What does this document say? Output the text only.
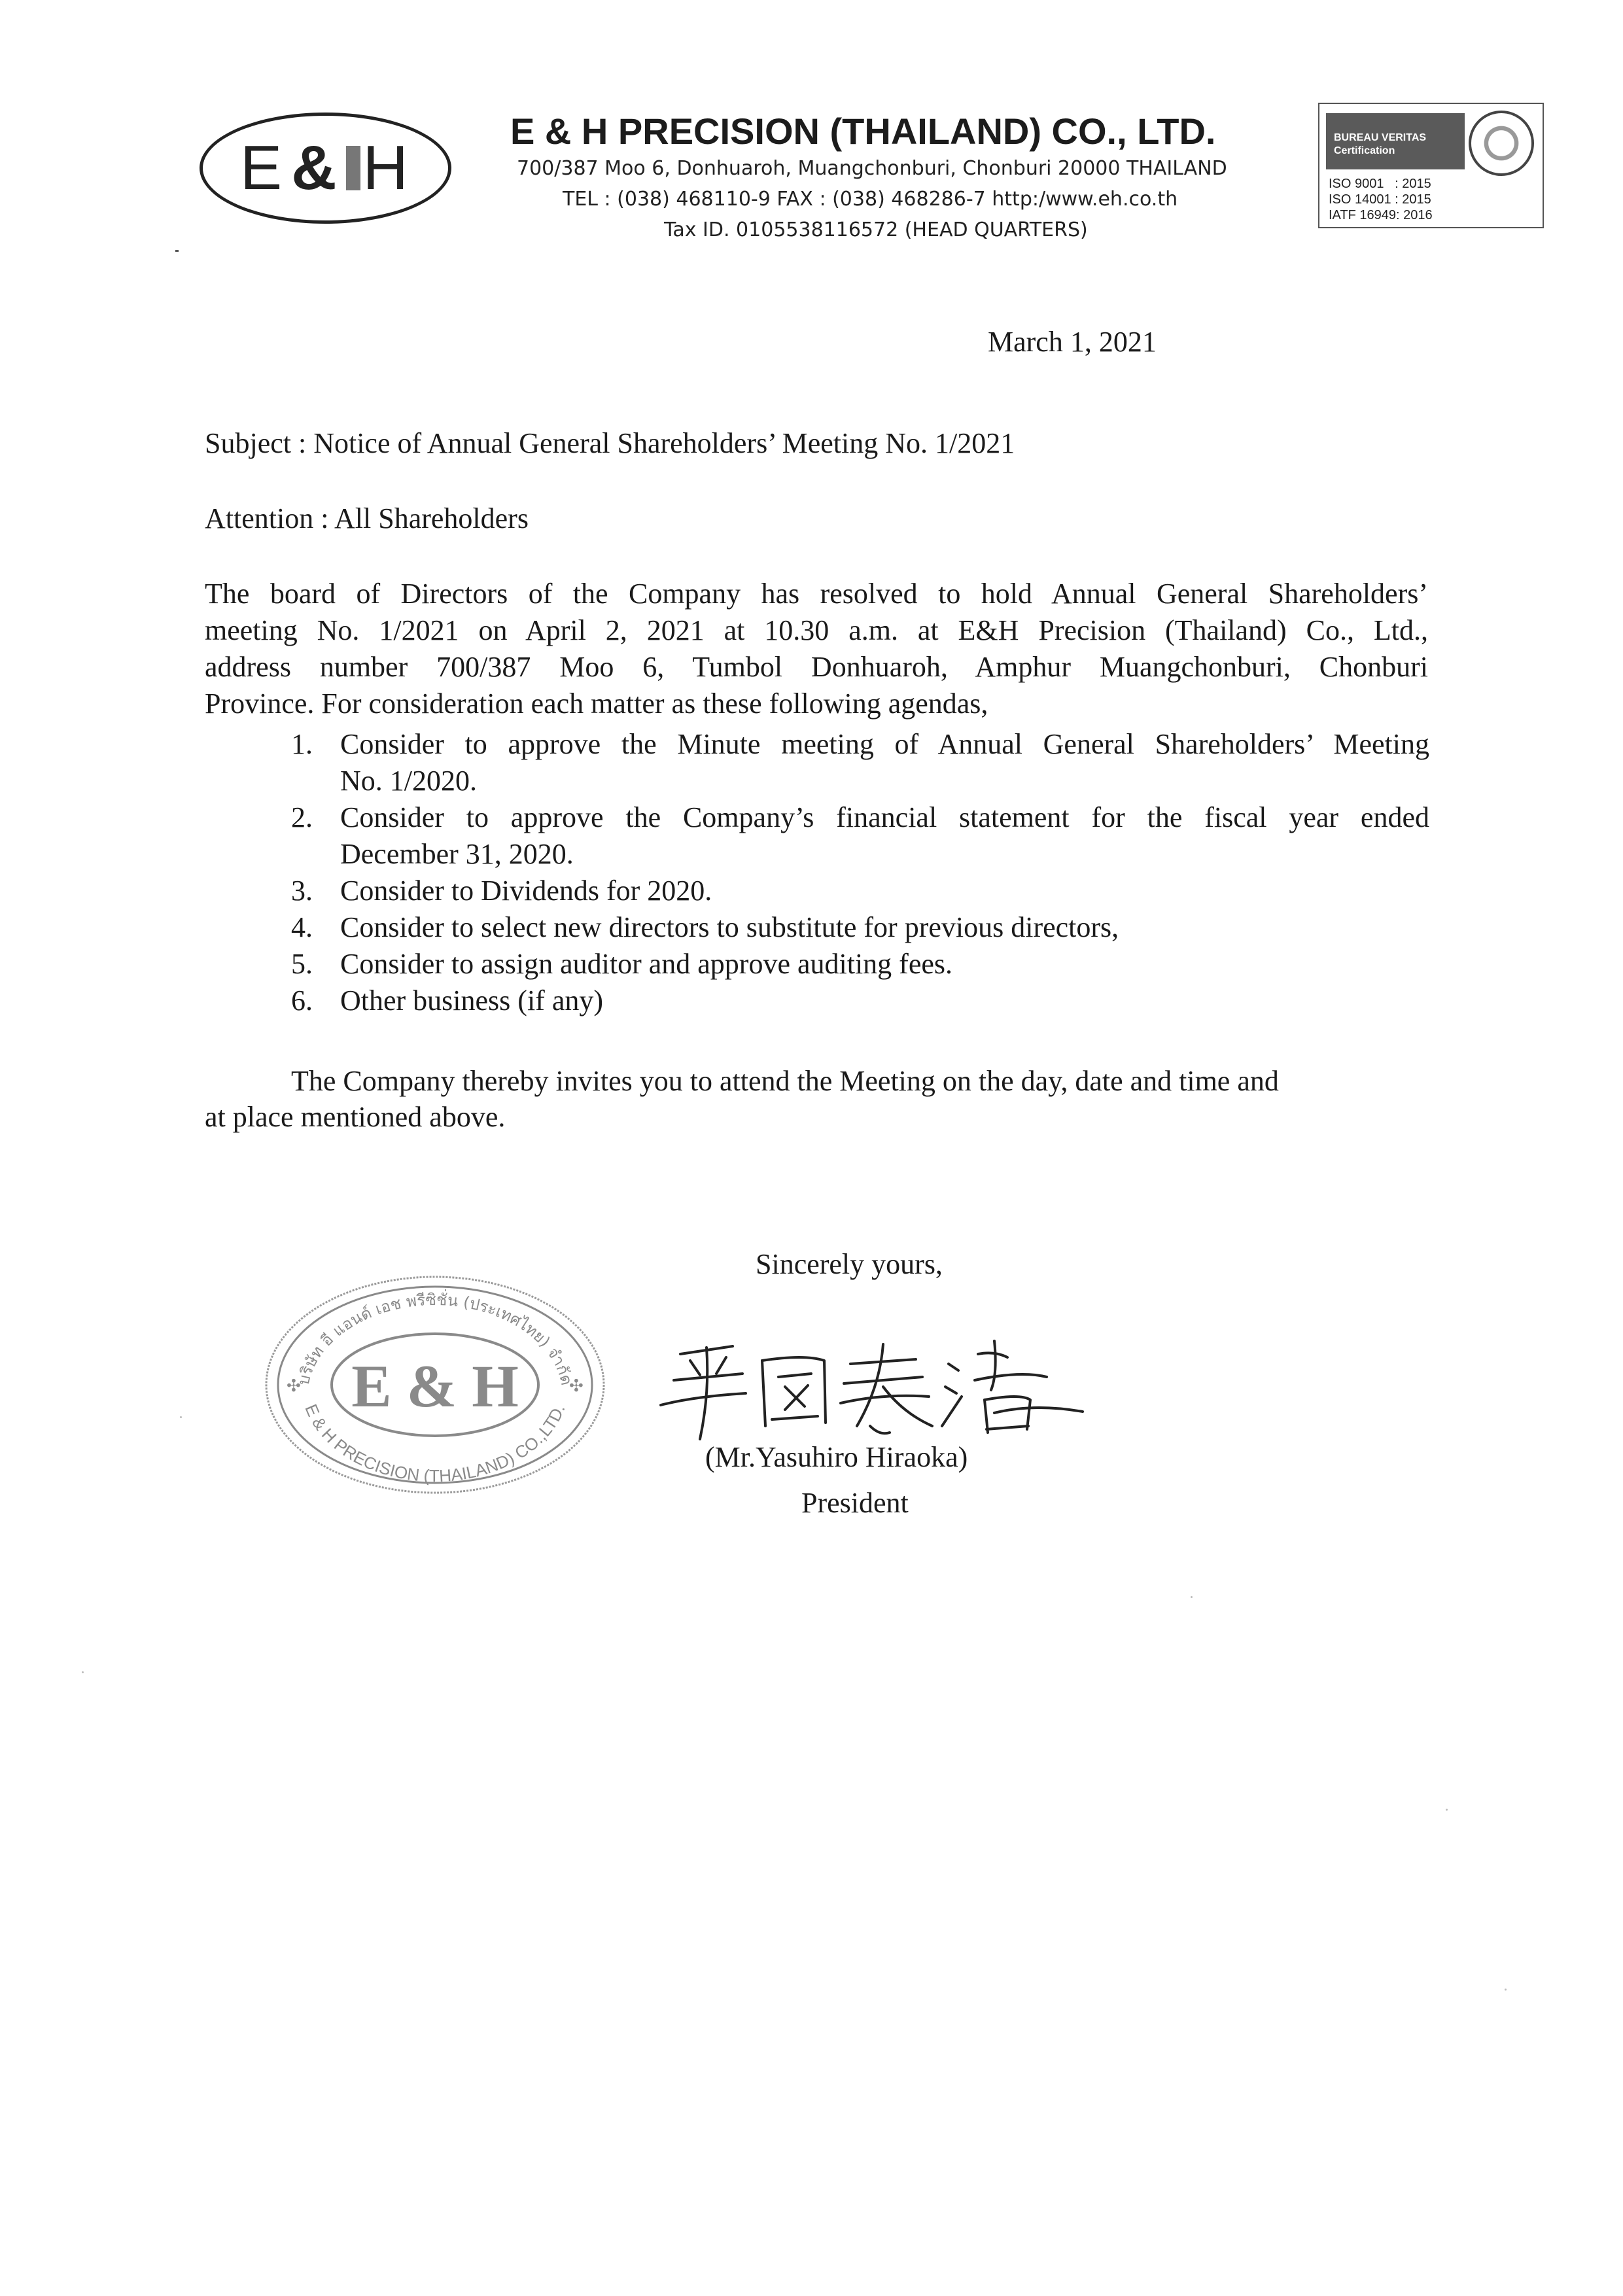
E & H
E & H PRECISION (THAILAND) CO., LTD.
700/387 Moo 6, Donhuaroh, Muangchonburi, Chonburi 20000 THAILAND
TEL : (038) 468110-9 FAX : (038) 468286-7 http:/www.eh.co.th
Tax ID. 0105538116572 (HEAD QUARTERS)
BUREAU VERITAS
Certification
ISO 9001   : 2015
ISO 14001 : 2015
IATF 16949: 2016
March 1, 2021
Subject : Notice of Annual General Shareholders’ Meeting No. 1/2021
Attention : All Shareholders
The board of Directors of the Company has resolved to hold Annual General Shareholders’
meeting No. 1/2021 on April 2, 2021 at 10.30 a.m. at E&H Precision (Thailand) Co., Ltd.,
address number 700/387 Moo 6, Tumbol Donhuaroh, Amphur Muangchonburi, Chonburi
Province. For consideration each matter as these following agendas,
1. Consider to approve the Minute meeting of Annual General Shareholders’ Meeting
No. 1/2020.
2. Consider to approve the Company’s financial statement for the fiscal year ended
December 31, 2020.
3. Consider to Dividends for 2020.
4. Consider to select new directors to substitute for previous directors,
5. Consider to assign auditor and approve auditing fees.
6. Other business (if any)
The Company thereby invites you to attend the Meeting on the day, date and time and
at place mentioned above.
Sincerely yours,
E & H
บริษัท อี แอนด์ เอช พรีซิชั่น (ประเทศไทย) จำกัด
E & H PRECISION (THAILAND) CO.,LTD.
✣	✣
平岡泰浩
(Mr.Yasuhiro Hiraoka)
President
